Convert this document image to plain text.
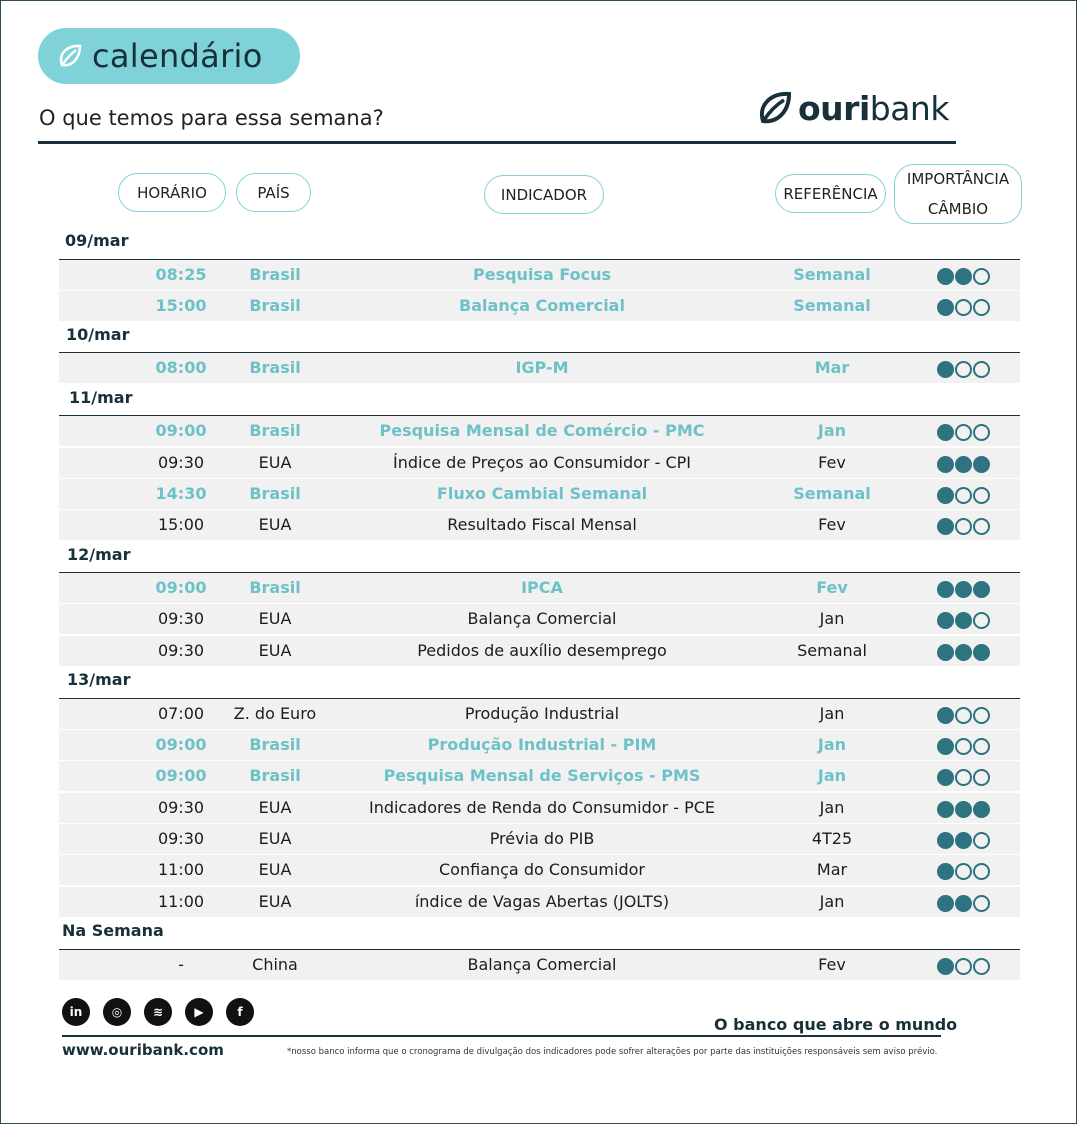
calendário
O que temos para essa semana?	ouri bank
HORÁRIO	PAÍS	INDICADOR	REFERÊNCIA
IMPORTÂNCIA
CÂMBIO
09/mar
08:25	Brasil	Pesquisa Focus	Semanal
15:00	Brasil	Balança Comercial	Semanal
10/mar
08:00	Brasil	IGP-M	Mar
11/mar
09:00	Brasil	Pesquisa Mensal de Comércio - PMC	Jan
09:30	EUA	Índice de Preços ao Consumidor - CPI	Fev
14:30	Brasil	Fluxo Cambial Semanal	Semanal
15:00	EUA	Resultado Fiscal Mensal	Fev
12/mar
09:00	Brasil	IPCA	Fev
09:30	EUA	Balança Comercial	Jan
09:30	EUA	Pedidos de auxílio desemprego	Semanal
13/mar
07:00 Z. do Euro	Produção Industrial	Jan
09:00	Brasil	Produção Industrial - PIM	Jan
09:00	Brasil	Pesquisa Mensal de Serviços - PMS	Jan
09:30	EUA	Indicadores de Renda do Consumidor - PCE	Jan
09:30	EUA	Prévia do PIB	4T25
11:00	EUA	Confiança do Consumidor	Mar
11:00	EUA	índice de Vagas Abertas (JOLTS)	Jan
Na Semana
-	China	Balança Comercial	Fev
in	◎	≋	▶	f
O banco que abre o mundo
www.ouribank.com	*nosso banco informa que o cronograma de divulgação dos indicadores pode sofrer alterações por parte das instituições responsáveis sem aviso prévio.
